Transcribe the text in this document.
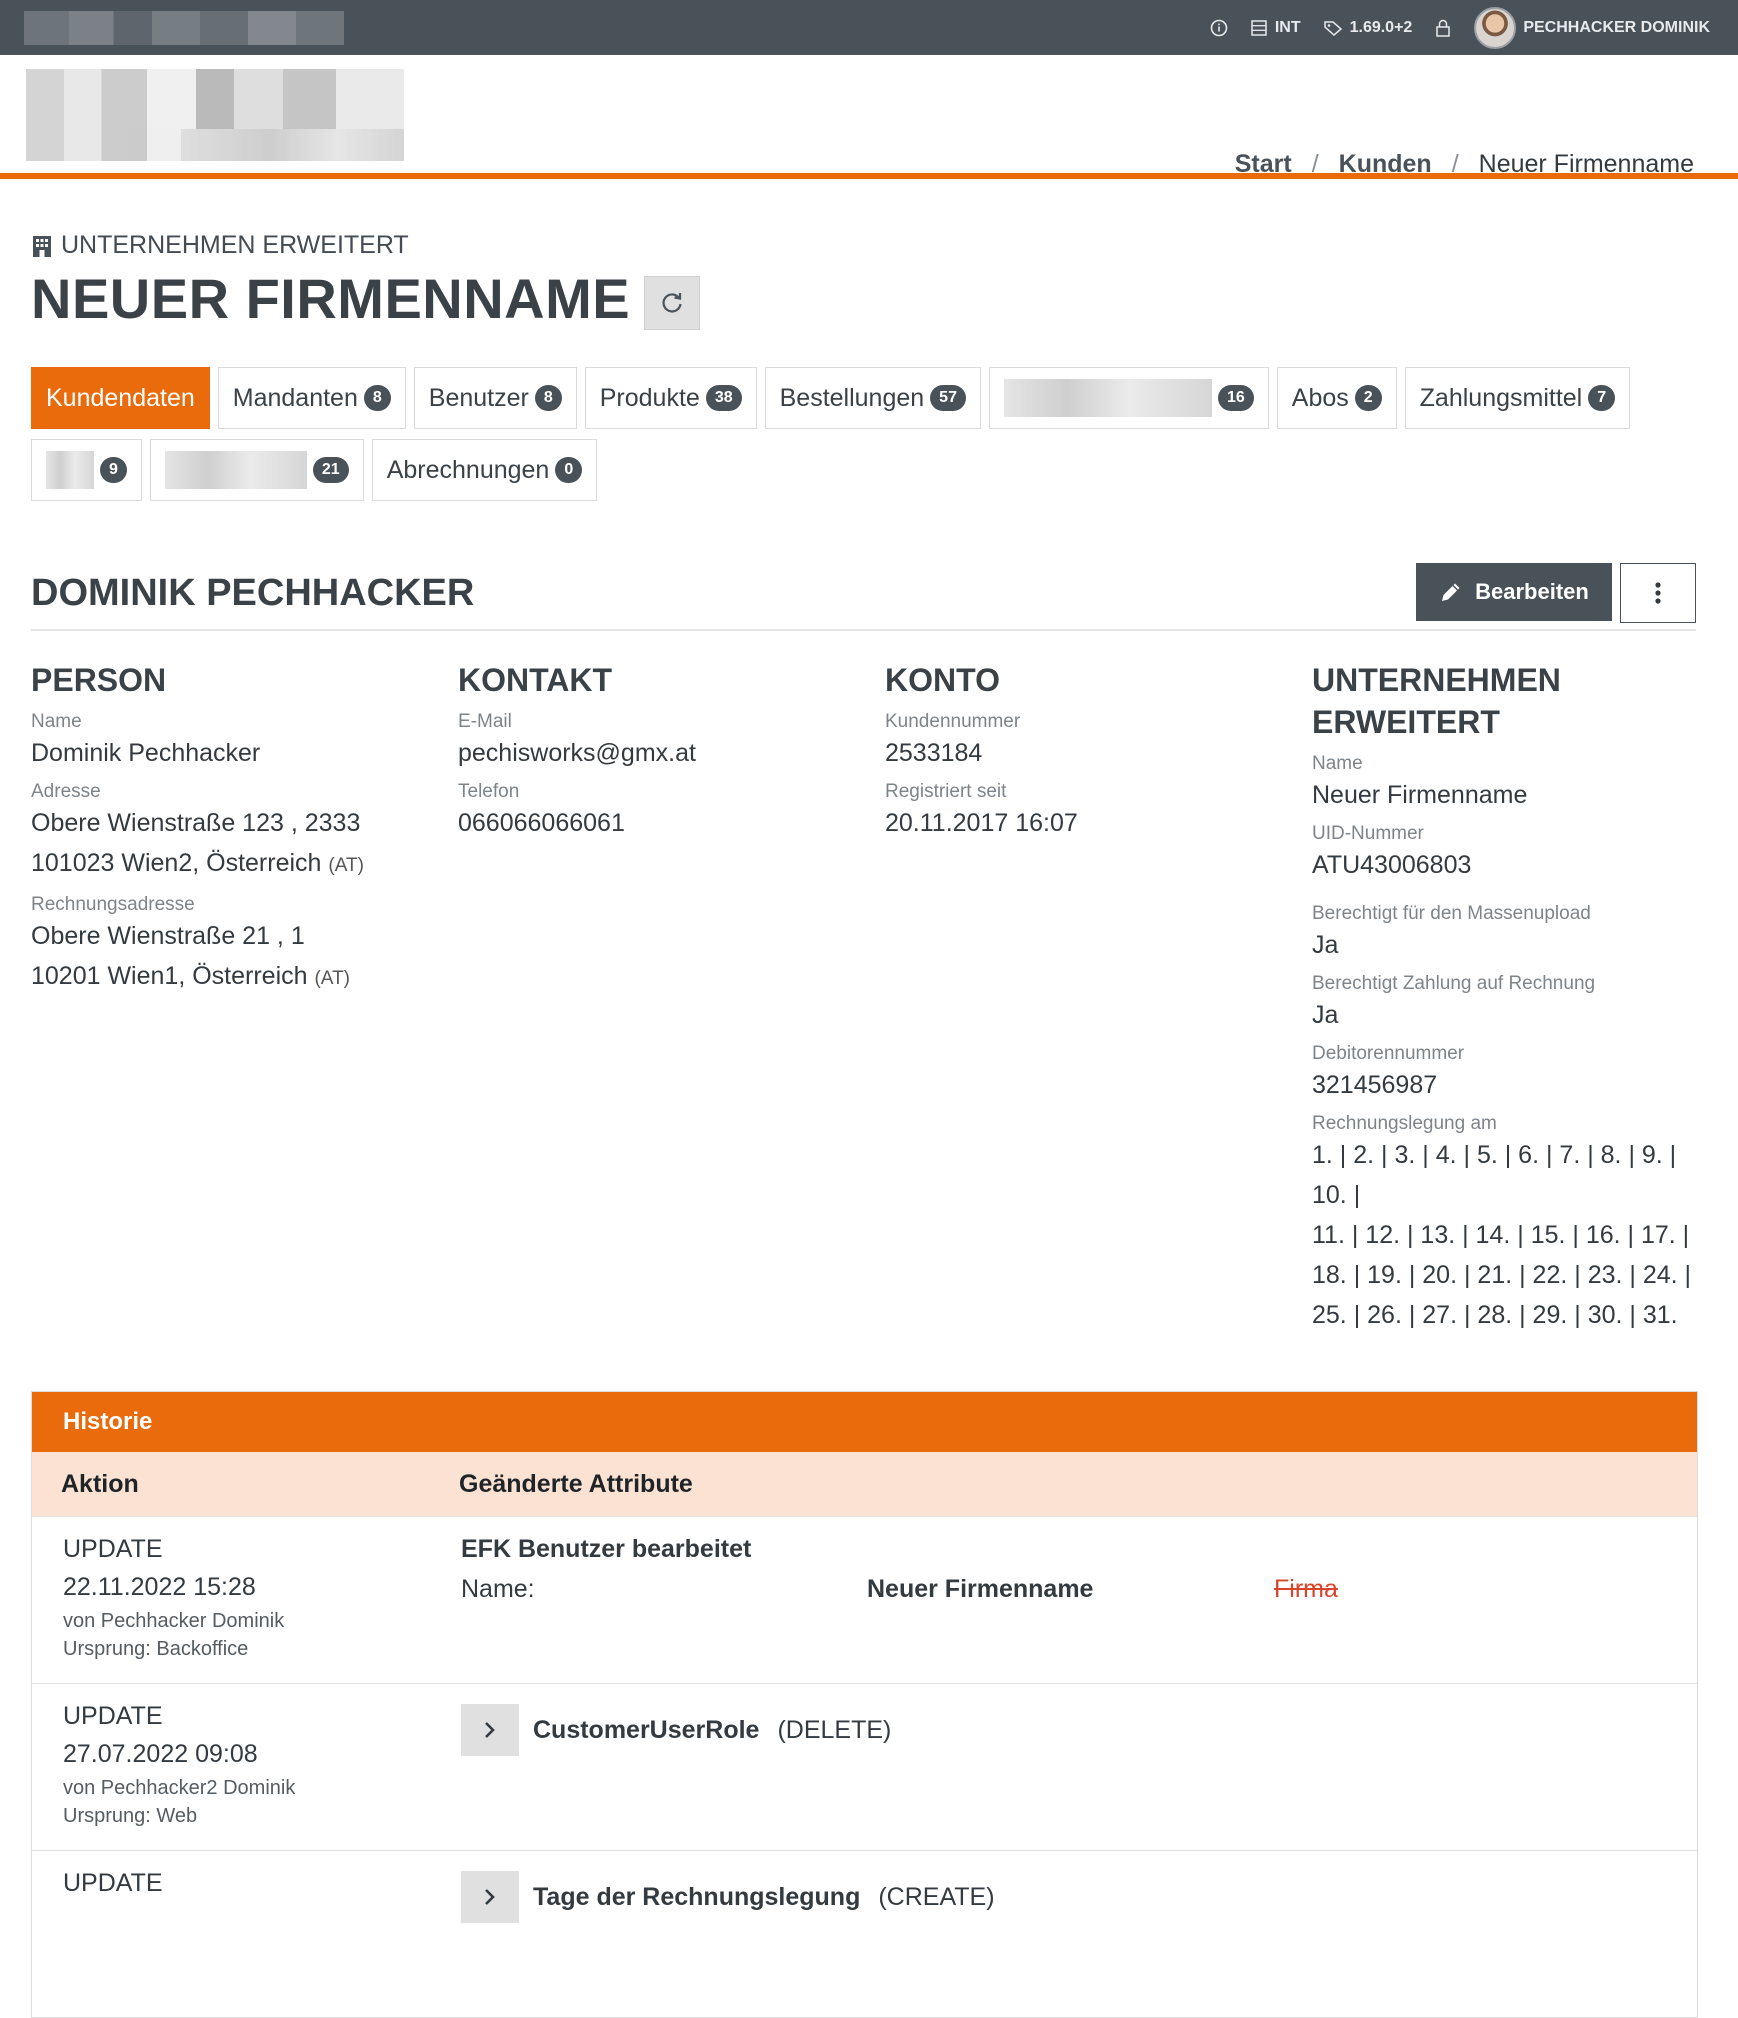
INT	1.69.0+2	PECHHACKER DOMINIK
Start / Kunden / Neuer Firmenname
UNTERNEHMEN ERWEITERT
NEUER FIRMENNAME
Kundendaten Mandanten 8	Benutzer 8	Produkte 38	Bestellungen 57	16	Abos 2	Zahlungsmittel 7
9	21	Abrechnungen 0
DOMINIK PECHHACKER	Bearbeiten
PERSON
Name
Dominik Pechhacker
Adresse
Obere Wienstraße 123 , 2333
101023 Wien2, Österreich (AT)
Rechnungsadresse
Obere Wienstraße 21 , 1
10201 Wien1, Österreich (AT)
KONTAKT
E-Mail
pechisworks@gmx.at
Telefon
066066066061
KONTO
Kundennummer
2533184
Registriert seit
20.11.2017 16:07
UNTERNEHMEN
ERWEITERT
Name
Neuer Firmenname
UID-Nummer
ATU43006803
Berechtigt für den Massenupload
Ja
Berechtigt Zahlung auf Rechnung
Ja
Debitorennummer
321456987
Rechnungslegung am
1. | 2. | 3. | 4. | 5. | 6. | 7. | 8. | 9. | 10. |
11. | 12. | 13. | 14. | 15. | 16. | 17. |
18. | 19. | 20. | 21. | 22. | 23. | 24. |
25. | 26. | 27. | 28. | 29. | 30. | 31.
Historie
Aktion	Geänderte Attribute
UPDATE
22.11.2022 15:28
von Pechhacker Dominik
Ursprung: Backoffice
EFK Benutzer bearbeitet
Name:	Neuer Firmenname	Firma
UPDATE
27.07.2022 09:08
von Pechhacker2 Dominik
Ursprung: Web
CustomerUserRole (DELETE)
UPDATE	Tage der Rechnungslegung (CREATE)
